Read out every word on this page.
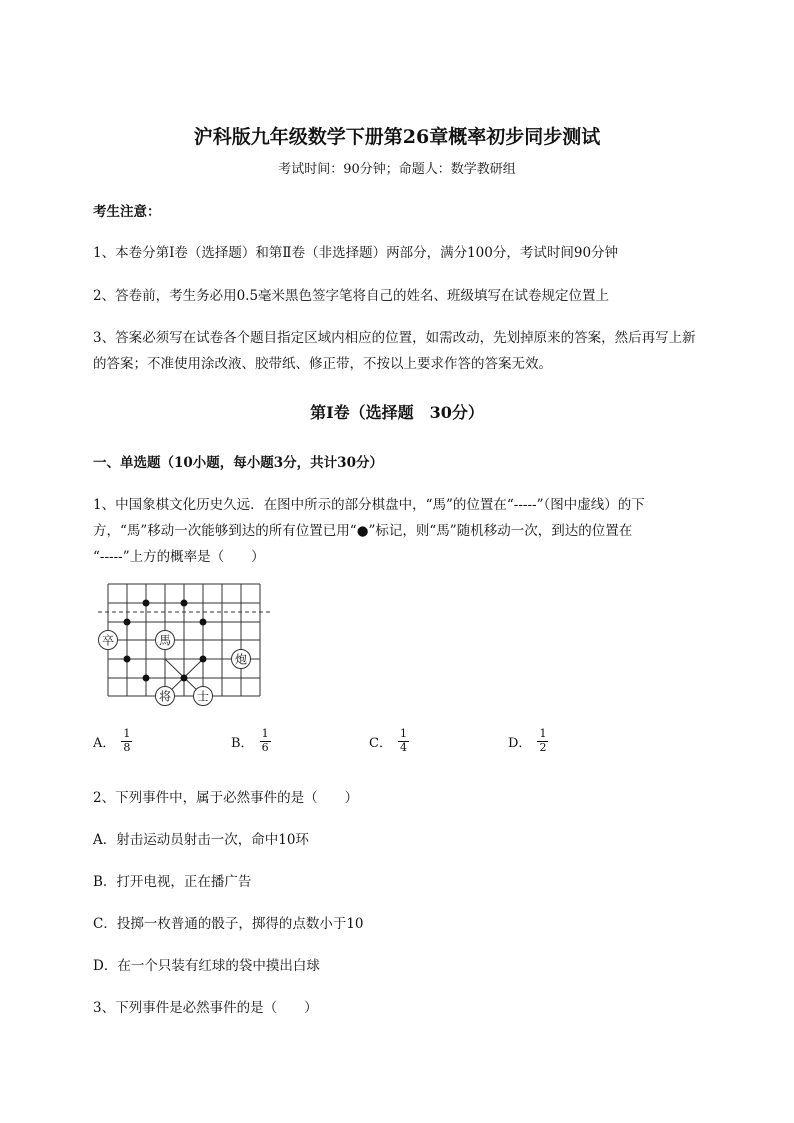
沪科版九年级数学下册第26章概率初步同步测试
考试时间：90分钟；命题人：数学教研组
考生注意：
1、本卷分第I卷（选择题）和第Ⅱ卷（非选择题）两部分，满分100分，考试时间90分钟
2、答卷前，考生务必用0.5毫米黑色签字笔将自己的姓名、班级填写在试卷规定位置上
3、答案必须写在试卷各个题目指定区域内相应的位置，如需改动，先划掉原来的答案，然后再写上新
的答案；不准使用涂改液、胶带纸、修正带，不按以上要求作答的答案无效。
第I卷（选择题　30分）
一、单选题（10小题，每小题3分，共计30分）
1、中国象棋文化历史久远．在图中所示的部分棋盘中，“馬”的位置在“-----”（图中虚线）的下
方，“馬”移动一次能够到达的所有位置已用“●”标记，则“馬”随机移动一次，到达的位置在
“-----”上方的概率是（　　）
卒	馬
炮
将 士
A． $\frac{1}{8}$	B． $\frac{1}{6}$	C． $\frac{1}{4}$	D． $\frac{1}{2}$
2、下列事件中，属于必然事件的是（　　）
A．射击运动员射击一次，命中10环
B．打开电视，正在播广告
C．投掷一枚普通的骰子，掷得的点数小于10
D．在一个只装有红球的袋中摸出白球
3、下列事件是必然事件的是（　　）
